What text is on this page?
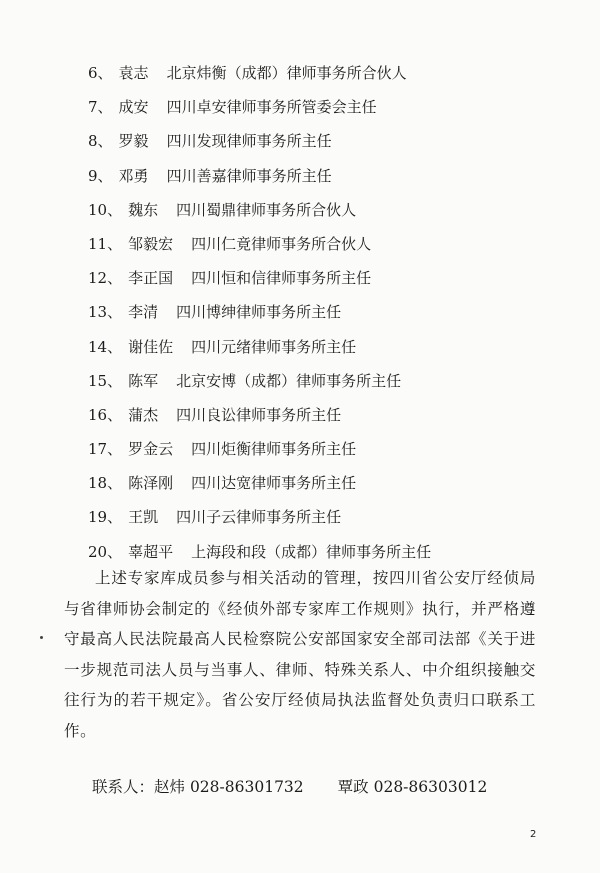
6、 袁志 北京炜衡（成都）律师事务所合伙人
7、 成安 四川卓安律师事务所管委会主任
8、 罗毅 四川发现律师事务所主任
9、 邓勇 四川善嘉律师事务所主任
10、 魏东 四川蜀鼎律师事务所合伙人
11、 邹毅宏 四川仁竟律师事务所合伙人
12、 李正国 四川恒和信律师事务所主任
13、 李清 四川博绅律师事务所主任
14、 谢佳佐 四川元绪律师事务所主任
15、 陈军 北京安博（成都）律师事务所主任
16、 蒲杰 四川良讼律师事务所主任
17、 罗金云 四川炬衡律师事务所主任
18、 陈泽刚 四川达宽律师事务所主任
19、 王凯 四川子云律师事务所主任
20、 辜超平 上海段和段（成都）律师事务所主任

上述专家库成员参与相关活动的管理，按四川省公安厅经侦局与省律师协会制定的《经侦外部专家库工作规则》执行，并严格遵守最高人民法院最高人民检察院公安部国家安全部司法部《关于进一步规范司法人员与当事人、律师、特殊关系人、中介组织接触交往行为的若干规定》。省公安厅经侦局执法监督处负责归口联系工作。

联系人：赵炜 028-86301732 覃政 028-86303012
2
